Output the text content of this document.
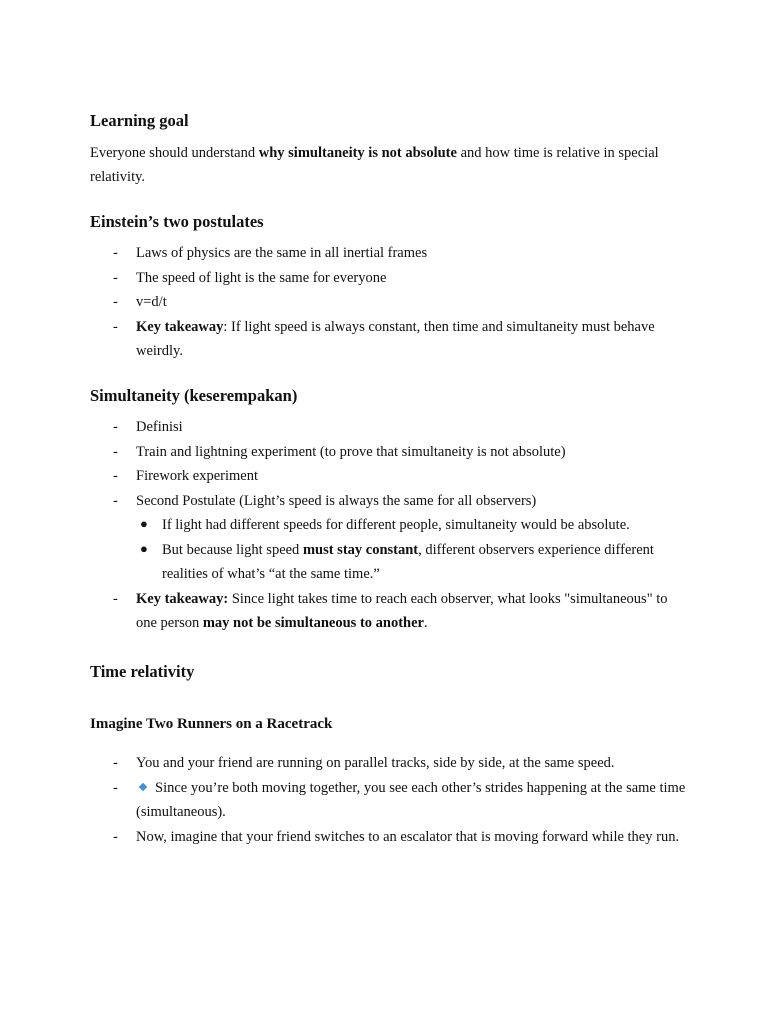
Learning goal

Everyone should understand why simultaneity is not absolute and how time is relative in special relativity.

Einstein’s two postulates
- Laws of physics are the same in all inertial frames
- The speed of light is the same for everyone
- v=d/t
- Key takeaway: If light speed is always constant, then time and simultaneity must behave weirdly.
Simultaneity (keserempakan)
- Definisi
- Train and lightning experiment (to prove that simultaneity is not absolute)
- Firework experiment
- Second Postulate (Light’s speed is always the same for all observers)
● If light had different speeds for different people, simultaneity would be absolute.
● But because light speed must stay constant, different observers experience different realities of what’s “at the same time.”
- Key takeaway: Since light takes time to reach each observer, what looks "simultaneous" to one person may not be simultaneous to another.
Time relativity
Imagine Two Runners on a Racetrack
- You and your friend are running on parallel tracks, side by side, at the same speed.
-	Since you’re both moving together, you see each other’s strides happening at the same time (simultaneous).
- Now, imagine that your friend switches to an escalator that is moving forward while they run.
